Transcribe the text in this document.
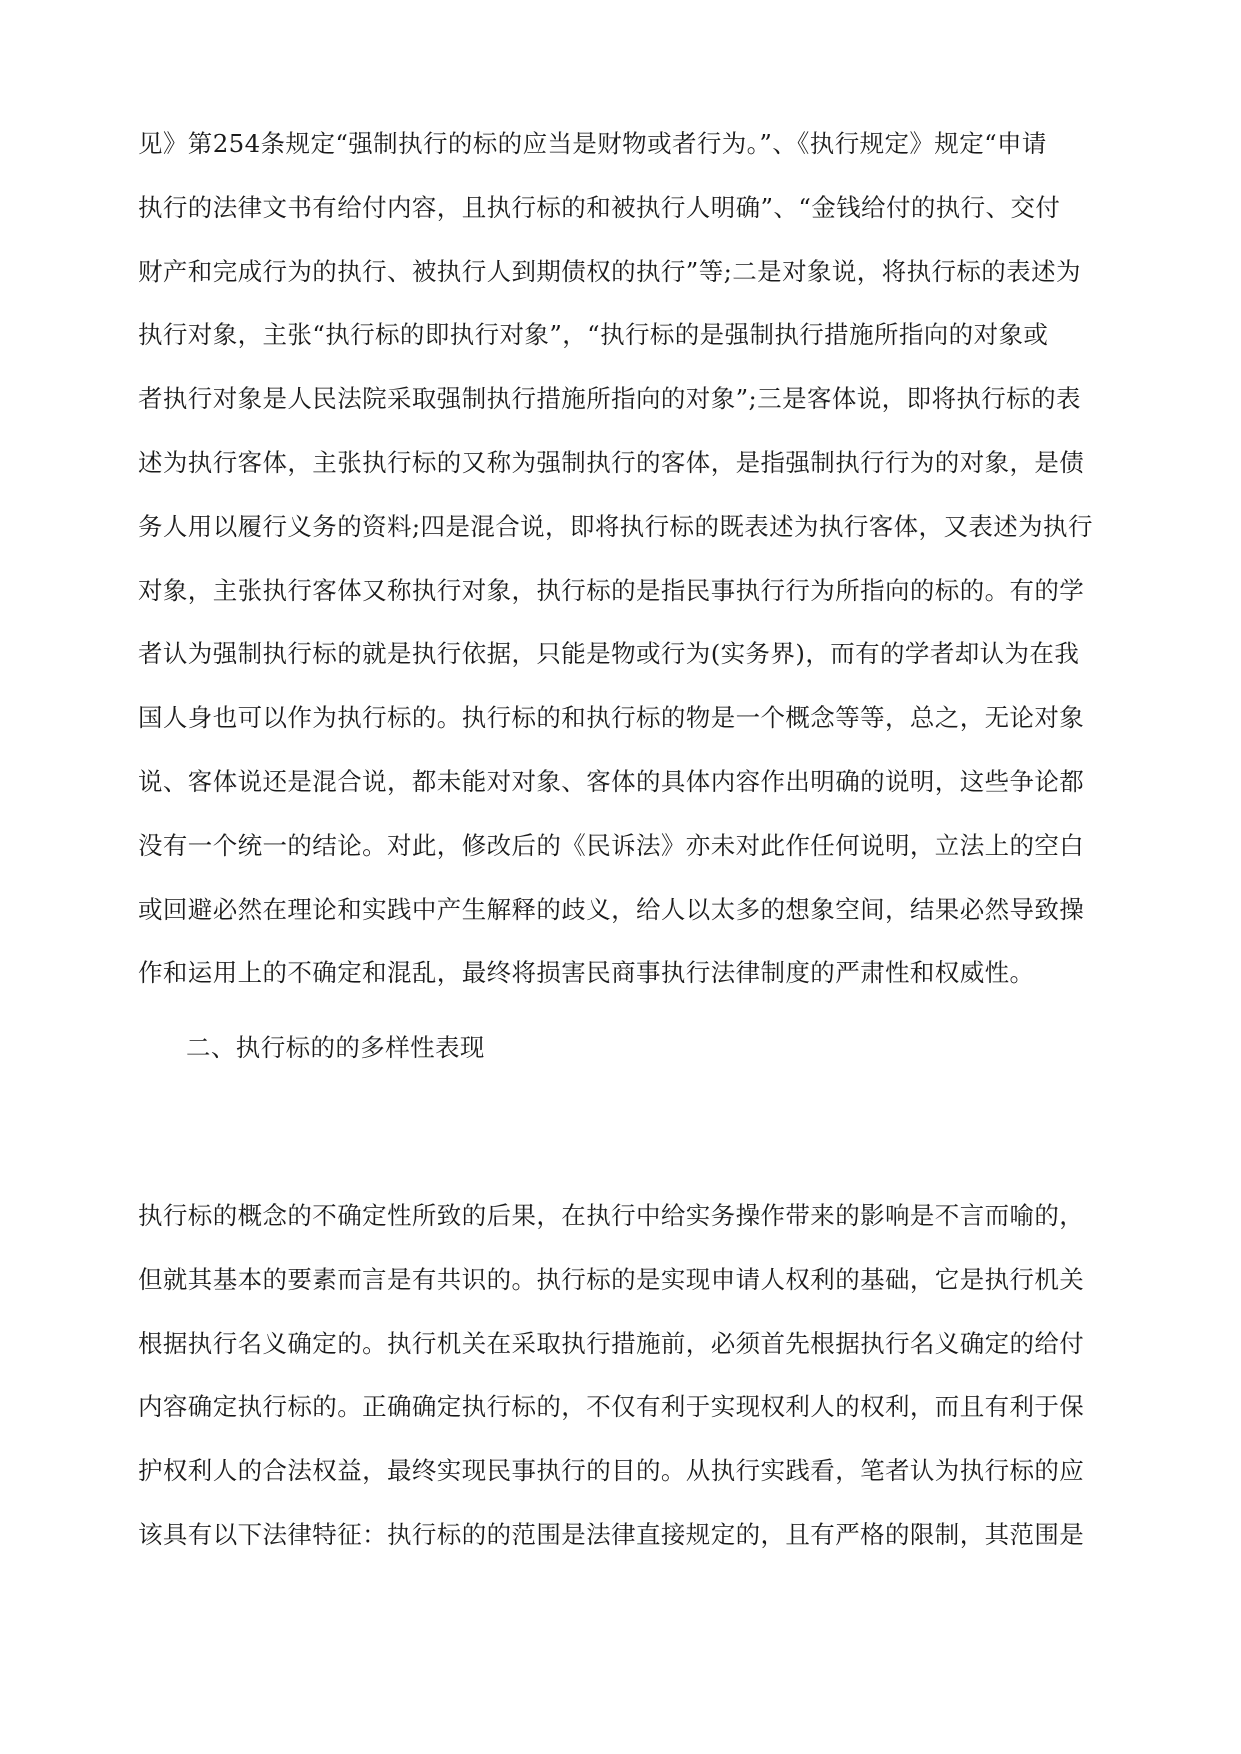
见》第254条规定“强制执行的标的应当是财物或者行为。”、《执行规定》规定“申请
执行的法律文书有给付内容，且执行标的和被执行人明确”、“金钱给付的执行、交付
财产和完成行为的执行、被执行人到期债权的执行”等;二是对象说，将执行标的表述为
执行对象，主张“执行标的即执行对象”，“执行标的是强制执行措施所指向的对象或
者执行对象是人民法院采取强制执行措施所指向的对象”;三是客体说，即将执行标的表
述为执行客体，主张执行标的又称为强制执行的客体，是指强制执行行为的对象，是债
务人用以履行义务的资料;四是混合说，即将执行标的既表述为执行客体，又表述为执行
对象，主张执行客体又称执行对象，执行标的是指民事执行行为所指向的标的。有的学
者认为强制执行标的就是执行依据，只能是物或行为(实务界)，而有的学者却认为在我
国人身也可以作为执行标的。执行标的和执行标的物是一个概念等等，总之，无论对象
说、客体说还是混合说，都未能对对象、客体的具体内容作出明确的说明，这些争论都
没有一个统一的结论。对此，修改后的《民诉法》亦未对此作任何说明，立法上的空白
或回避必然在理论和实践中产生解释的歧义，给人以太多的想象空间，结果必然导致操
作和运用上的不确定和混乱，最终将损害民商事执行法律制度的严肃性和权威性。
二、执行标的的多样性表现
执行标的概念的不确定性所致的后果，在执行中给实务操作带来的影响是不言而喻的，
但就其基本的要素而言是有共识的。执行标的是实现申请人权利的基础，它是执行机关
根据执行名义确定的。执行机关在采取执行措施前，必须首先根据执行名义确定的给付
内容确定执行标的。正确确定执行标的，不仅有利于实现权利人的权利，而且有利于保
护权利人的合法权益，最终实现民事执行的目的。从执行实践看，笔者认为执行标的应
该具有以下法律特征：执行标的的范围是法律直接规定的，且有严格的限制，其范围是
